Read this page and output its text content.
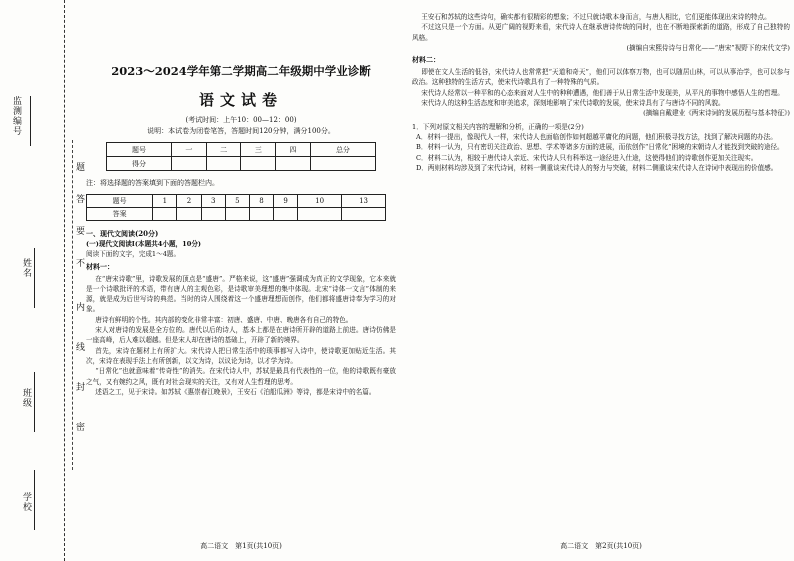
监测编号
姓名
班级
学校
题
答
要
不
内
线
封
密
2023～2024学年第二学期高二年级期中学业诊断
语文试卷
(考试时间：上午10：00—12：00)
说明：本试卷为闭卷笔答，答题时间120分钟，满分100分。
题号	一	二	三	四	总分
得分					
注：将选择题的答案填到下面的答题栏内。
题号	1	2	3	5	8	9	10	13
答案								
一、现代文阅读(20分)
(一)现代文阅读Ⅰ(本题共4小题，10分)
阅读下面的文字，完成1～4题。
材料一：

在“唐宋诗歌”里，诗歌发展的顶点是“盛唐”。严格来说，这“盛唐”强调成为真正的文学现象，它本来就是一个诗歌批评的术语，带有唐人的主观色彩，是诗歌审美理想的集中体现。北宋“诗体一文言”体制的来源，就是成为后世写诗的典范。当时的诗人围绕着这一个盛唐理想而创作，他们都将盛唐诗奉为学习的对象。

唐诗有鲜明的个性。其内部的变化非常丰富：初唐、盛唐、中唐、晚唐各有自己的特色。

宋人对唐诗的发展是全方位的。唐代以后的诗人，基本上都是在唐诗所开辟的道路上前进。唐诗仿佛是一座高峰，后人难以超越。但是宋人却在唐诗的基础上，开辟了新的境界。

首先，宋诗在题材上有所扩大。宋代诗人把日常生活中的琐事都写入诗中，使诗歌更加贴近生活。其次，宋诗在表现手法上有所创新，以文为诗，以议论为诗，以才学为诗。

“日常化”也就意味着“传奇性”的消失。在宋代诗人中，苏轼是最具有代表性的一位，他的诗歌既有豪放之气，又有婉约之风，既有对社会现实的关注，又有对人生哲理的思考。

述语之工，见于宋诗。如苏轼《惠崇春江晚景》，王安石《泊船瓜洲》等诗，都是宋诗中的名篇。

高二语文　第1页(共10页)

王安石和苏轼的这些诗句，确实都有很精彩的想象；不过只就诗歌本身而言，与唐人相比，它们更能体现出宋诗的特点。

不过这只是一个方面。从更广阔的视野来看，宋代诗人在继承唐诗传统的同时，也在不断地探索新的道路，形成了自己独特的风格。

(摘编自宋熙侍诗与日常化——“唐宋”视野下的宋代文学)
材料二：

即使在文人生活的低谷，宋代诗人也常常把“天道和奇天”，他们可以体察万物，也可以随居山林，可以从事治学，也可以参与政治。这种独特的生活方式，使宋代诗歌具有了一种特殊的气质。

宋代诗人经常以一种平和的心态来面对人生中的种种遭遇，他们善于从日常生活中发现美，从平凡的事物中感悟人生的哲理。

宋代诗人的这种生活态度和审美追求，深刻地影响了宋代诗歌的发展，使宋诗具有了与唐诗不同的风貌。

(摘编自戴建业《两宋诗词的发展历程与基本特征》)
1．下列对原文相关内容的理解和分析，正确的一项是(2分)
A．材料一提出，像现代人一样，宋代诗人也面临创作如何超越平庸化的问题，他们积极寻找方法，找到了解决问题的办法。
B．材料一认为，只有密切关注政治、思想、学术等诸多方面的进展，而依创作“日常化”困境的宋朝诗人才能找到突破的途径。
C．材料二认为，相较于唐代诗人亲近、宋代诗人只有科举这一途径进入仕途，这使得他们的诗歌创作更加关注现实。
D．两则材料均涉及到了宋代诗词，材料一侧重谈宋代诗人的努力与突破，材料二侧重谈宋代诗人在诗词中表现出的价值感。
高二语文　第2页(共10页)
